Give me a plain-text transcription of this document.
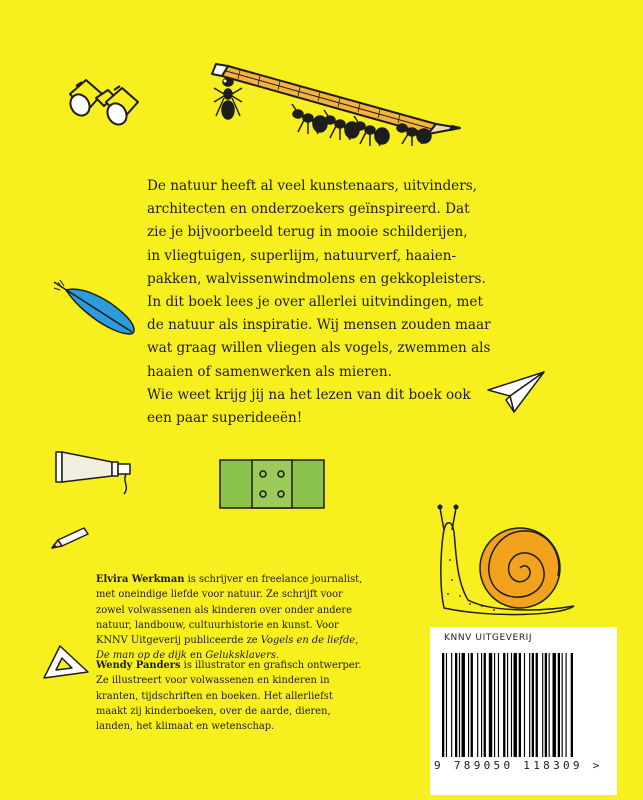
De natuur heeft al veel kunstenaars, uitvinders,

architecten en onderzoekers geïnspireerd. Dat

zie je bijvoorbeeld terug in mooie schilderijen,

in vliegtuigen, superlijm, natuurverf, haaien-

pakken, walvissenwindmolens en gekkopleisters.

In dit boek lees je over allerlei uitvindingen, met

de natuur als inspiratie. Wij mensen zouden maar

wat graag willen vliegen als vogels, zwemmen als

haaien of samenwerken als mieren.

Wie weet krijg jij na het lezen van dit boek ook

een paar superideeën!

Elvira Werkman is schrijver en freelance journalist,

met oneindige liefde voor natuur. Ze schrijft voor

zowel volwassenen als kinderen over onder andere

natuur, landbouw, cultuurhistorie en kunst. Voor

KNNV Uitgeverij publiceerde ze Vogels en de liefde,

De man op de dijk en Geluksklavers.

Wendy Panders is illustrator en grafisch ontwerper.

Ze illustreert voor volwassenen en kinderen in

kranten, tijdschriften en boeken. Het allerliefst

maakt zij kinderboeken, over de aarde, dieren,

landen, het klimaat en wetenschap.

KNNV UITGEVERIJ
9 789050 118309 >
